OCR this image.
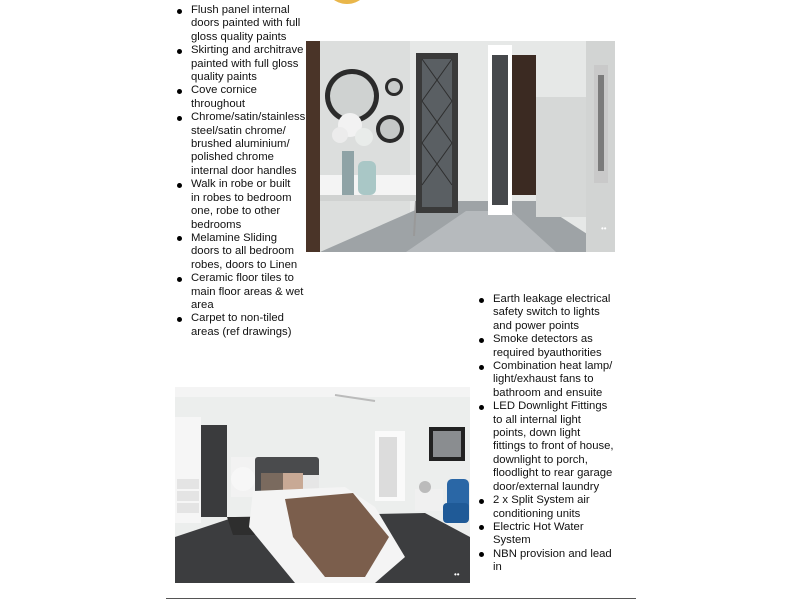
Flush panel internal
doors painted with full
gloss quality paints
Skirting and architrave
painted with full gloss
quality paints
Cove cornice
throughout
Chrome/satin/stainless
steel/satin chrome/
brushed aluminium/
polished chrome
internal door handles
Walk in robe or built
in robes to bedroom
one, robe to other
bedrooms
Melamine Sliding
doors to all bedroom
robes, doors to Linen
Ceramic floor tiles to
main floor areas & wet
area
Carpet to non-tiled
areas (ref drawings)
••
Earth leakage electrical
safety switch to lights
and power points
Smoke detectors as
required byauthorities
Combination heat lamp/
light/exhaust fans to
bathroom and ensuite
LED Downlight Fittings
to all internal light
points, down light
fittings to front of house,
downlight to porch,
floodlight to rear garage
door/external laundry
2 x Split System air
conditioning units
Electric Hot Water
System
NBN provision and lead
in
••
